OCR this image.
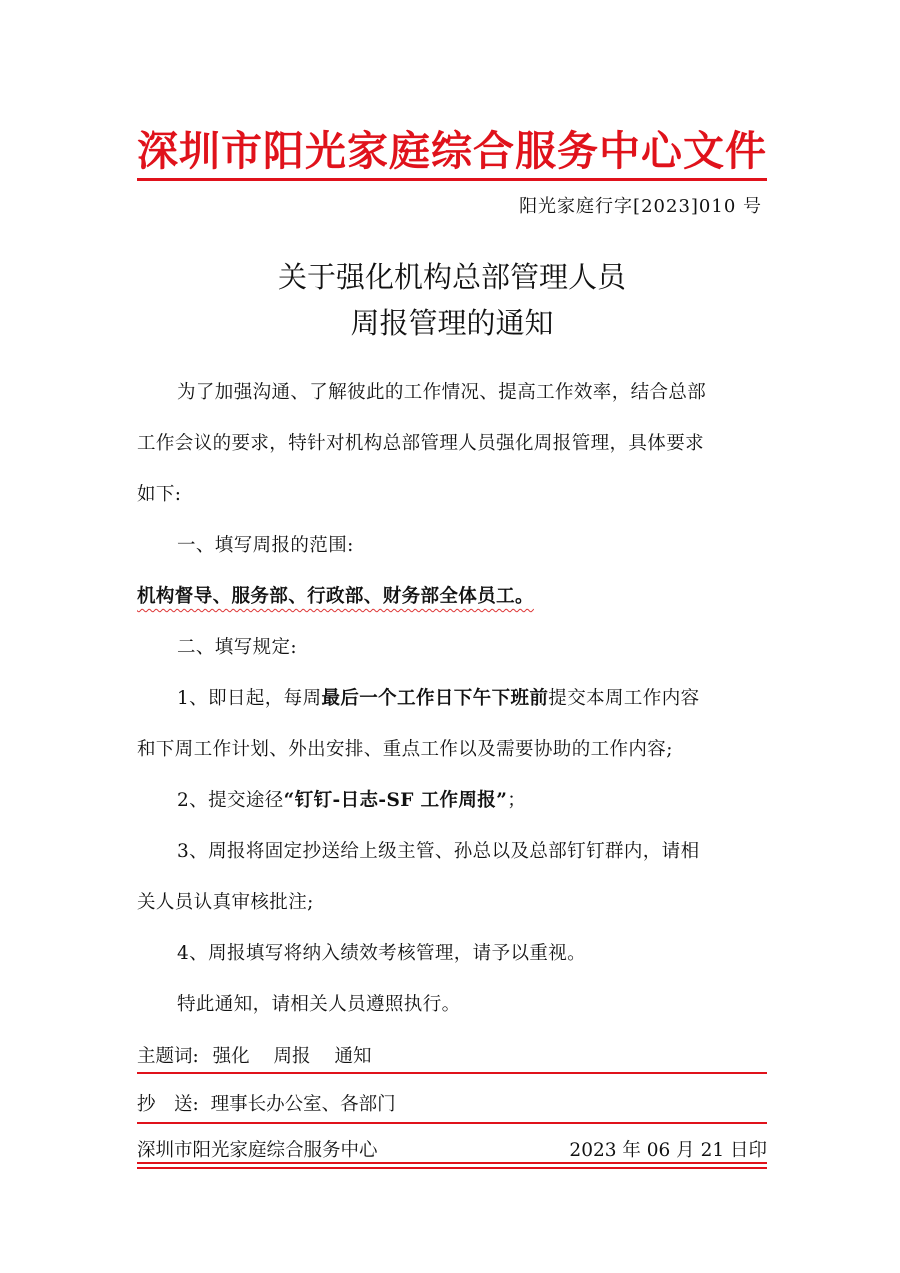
深圳市阳光家庭综合服务中心文件
阳光家庭行字[2023]010 号
关于强化机构总部管理人员
周报管理的通知
为了加强沟通、了解彼此的工作情况、提高工作效率，结合总部
工作会议的要求，特针对机构总部管理人员强化周报管理，具体要求
如下:
一、填写周报的范围:
机构督导、服务部、行政部、财务部全体员工。
二、填写规定:
1、即日起，每周最后一个工作日下午下班前提交本周工作内容
和下周工作计划、外出安排、重点工作以及需要协助的工作内容;
2、提交途径“钉钉-日志-SF 工作周报”；
3、周报将固定抄送给上级主管、孙总以及总部钉钉群内，请相
关人员认真审核批注;
4、周报填写将纳入绩效考核管理，请予以重视。
特此通知，请相关人员遵照执行。
主题词: 强化 周报 通知
抄　送: 理事长办公室、各部门
深圳市阳光家庭综合服务中心	2023 年 06 月 21 日印
